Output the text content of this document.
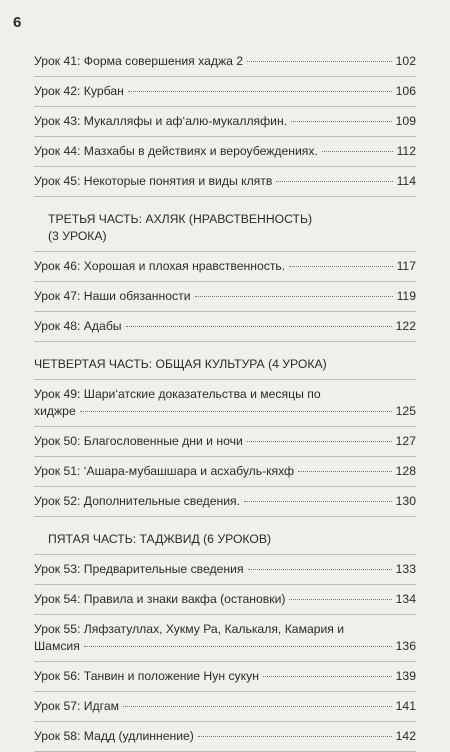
6
Урок 41: Форма совершения хаджа 2	102
Урок 42: Курбан	106
Урок 43: Мукалляфы и аф‘алю-мукалляфин.	109
Урок 44: Мазхабы в действиях и вероубеждениях.	112
Урок 45: Некоторые понятия и виды клятв	114
ТРЕТЬЯ ЧАСТЬ: АХЛЯК (НРАВСТВЕННОСТЬ)
(3 УРОКА)
Урок 46: Хорошая и плохая нравственность.	117
Урок 47: Наши обязанности	119
Урок 48: Адабы	122
ЧЕТВЕРТАЯ ЧАСТЬ: ОБЩАЯ КУЛЬТУРА (4 УРОКА)
Урок 49: Шари‘атские доказательства и месяцы по
хиджре	125
Урок 50: Благословенные дни и ночи	127
Урок 51: ‘Ашара-мубашшара и асхабуль-кяхф	128
Урок 52: Дополнительные сведения.	130
ПЯТАЯ ЧАСТЬ: ТАДЖВИД (6 УРОКОВ)
Урок 53: Предварительные сведения	133
Урок 54: Правила и знаки вакфа (остановки)	134
Урок 55: Ляфзатуллах, Хукму Ра, Калькаля, Камария и
Шамсия	136
Урок 56: Танвин и положение Нун сукун	139
Урок 57: Идгам	141
Урок 58: Мадд (удлиннение)	142
